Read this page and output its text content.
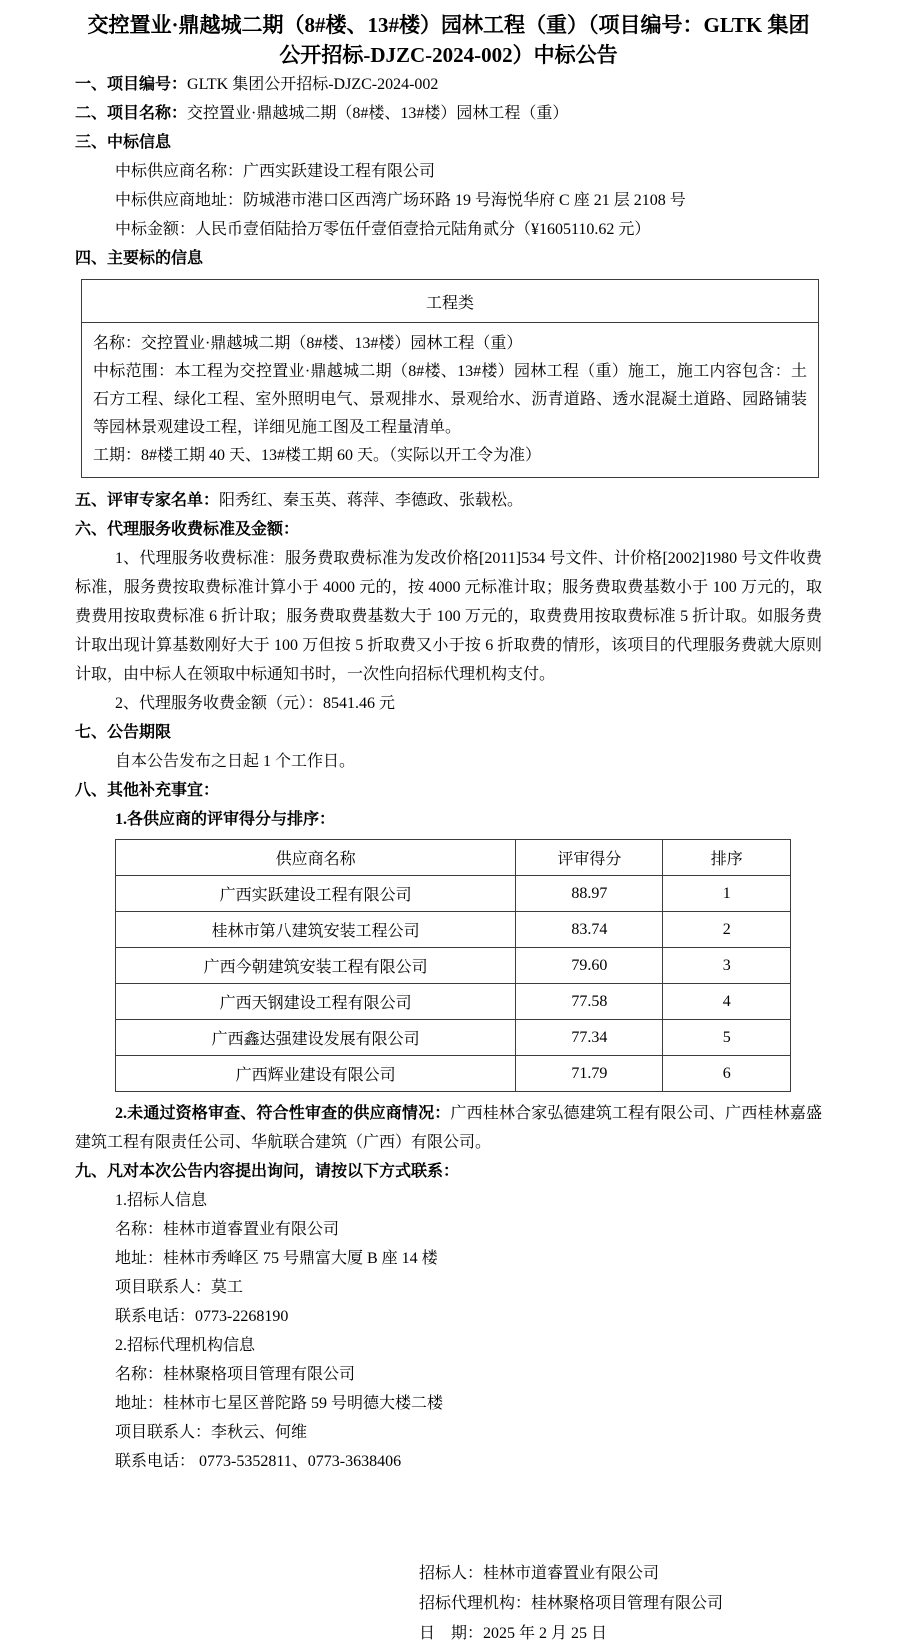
交控置业·鼎越城二期（8#楼、13#楼）园林工程（重）（项目编号：GLTK 集团
公开招标-DJZC-2024-002）中标公告
一、项目编号：GLTK 集团公开招标-DJZC-2024-002
二、项目名称：交控置业·鼎越城二期（8#楼、13#楼）园林工程（重）
三、中标信息
中标供应商名称：广西实跃建设工程有限公司
中标供应商地址：防城港市港口区西湾广场环路 19 号海悦华府 C 座 21 层 2108 号
中标金额：人民币壹佰陆拾万零伍仟壹佰壹拾元陆角贰分（¥1605110.62 元）
四、主要标的信息
工程类

名称：交控置业·鼎越城二期（8#楼、13#楼）园林工程（重）
中标范围：本工程为交控置业·鼎越城二期（8#楼、13#楼）园林工程（重）施工，施工内容包含：土石方工程、绿化工程、室外照明电气、景观排水、景观给水、沥青道路、透水混凝土道路、园路铺装等园林景观建设工程，详细见施工图及工程量清单。
工期：8#楼工期 40 天、13#楼工期 60 天。（实际以开工令为准）
五、评审专家名单：阳秀红、秦玉英、蒋萍、李德政、张载松。
六、代理服务收费标准及金额：
1、代理服务收费标准：服务费取费标准为发改价格[2011]534 号文件、计价格[2002]1980 号文件收费标准，服务费按取费标准计算小于 4000 元的，按 4000 元标准计取；服务费取费基数小于 100 万元的，取费费用按取费标准 6 折计取；服务费取费基数大于 100 万元的，取费费用按取费标准 5 折计取。如服务费计取出现计算基数刚好大于 100 万但按 5 折取费又小于按 6 折取费的情形，该项目的代理服务费就大原则计取，由中标人在领取中标通知书时，一次性向招标代理机构支付。
2、代理服务收费金额（元）：8541.46 元
七、公告期限
自本公告发布之日起 1 个工作日。
八、其他补充事宜：
1.各供应商的评审得分与排序：
供应商名称	评审得分	排序
广西实跃建设工程有限公司	88.97	1
桂林市第八建筑安装工程公司	83.74	2
广西今朝建筑安装工程有限公司	79.60	3
广西天钢建设工程有限公司	77.58	4
广西鑫达强建设发展有限公司	77.34	5
广西辉业建设有限公司	71.79	6
2.未通过资格审查、符合性审查的供应商情况：广西桂林合家弘德建筑工程有限公司、广西桂林嘉盛建筑工程有限责任公司、华航联合建筑（广西）有限公司。
九、凡对本次公告内容提出询问，请按以下方式联系：
1.招标人信息
名称：桂林市道睿置业有限公司
地址：桂林市秀峰区 75 号鼎富大厦 B 座 14 楼
项目联系人：莫工
联系电话：0773-2268190
2.招标代理机构信息
名称：桂林聚格项目管理有限公司
地址：桂林市七星区普陀路 59 号明德大楼二楼
项目联系人：李秋云、何维
联系电话： 0773-5352811、0773-3638406
招标人：桂林市道睿置业有限公司
招标代理机构：桂林聚格项目管理有限公司
日　期：2025 年 2 月 25 日
